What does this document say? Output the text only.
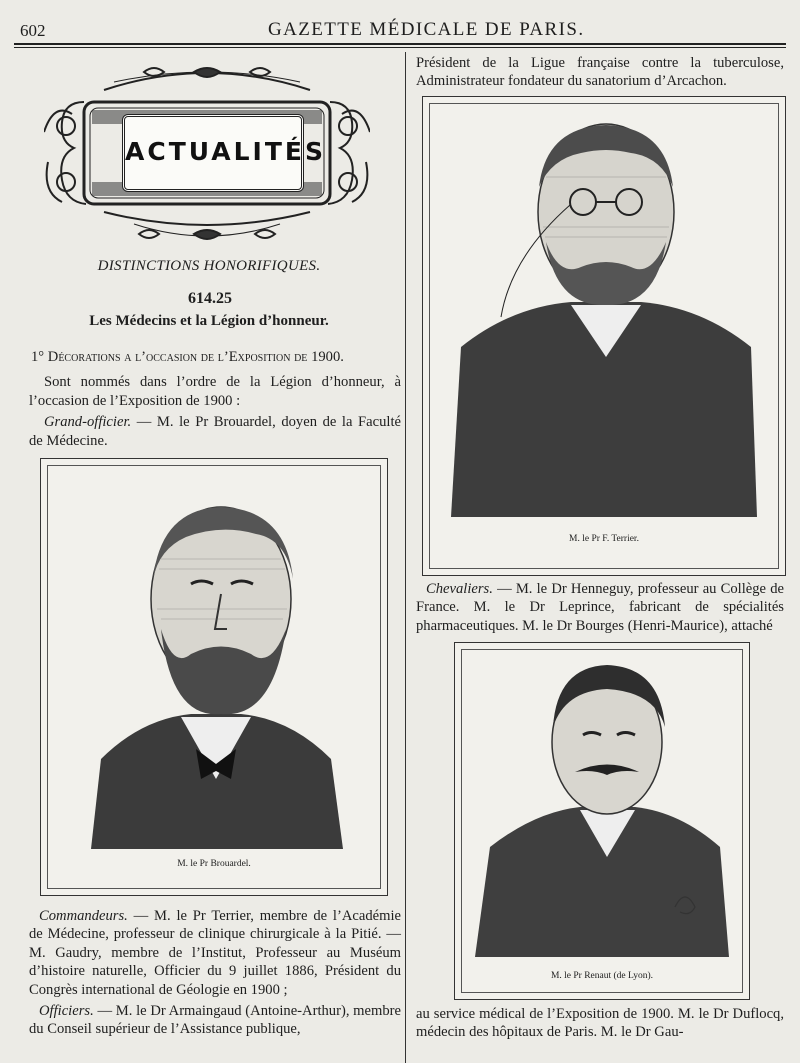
602	GAZETTE MÉDICALE DE PARIS.
ACTUALITÉS
DISTINCTIONS HONORIFIQUES.
614.25
Les Médecins et la Légion d’honneur.

1° Décorations a l’occasion de l’Exposition de 1900.

Sont nommés dans l’ordre de la Légion d’honneur, à l’occasion de l’Exposition de 1900 :

Grand-officier. — M. le Pr Brouardel, doyen de la Faculté de Médecine.

M. le Pr Brouardel.

Commandeurs. — M. le Pr Terrier, membre de l’Académie de Médecine, professeur de clinique chirurgicale à la Pitié. — M. Gaudry, membre de l’Institut, Professeur au Muséum d’histoire naturelle, Officier du 9 juillet 1886, Président du Congrès international de Géologie en 1900 ;

Officiers. — M. le Dr Armaingaud (Antoine-Arthur), membre du Conseil supérieur de l’Assistance publique,

Président de la Ligue française contre la tuberculose, Administrateur fondateur du sanatorium d’Arcachon.
M. le Pr F. Terrier.

Chevaliers. — M. le Dr Henneguy, professeur au Collège de France. M. le Dr Leprince, fabricant de spécialités pharmaceutiques. M. le Dr Bourges (Henri-Maurice), attaché

M. le Pr Renaut (de Lyon).
au service médical de l’Exposition de 1900. M. le Dr Duflocq, médecin des hôpitaux de Paris. M. le Dr Gau-
